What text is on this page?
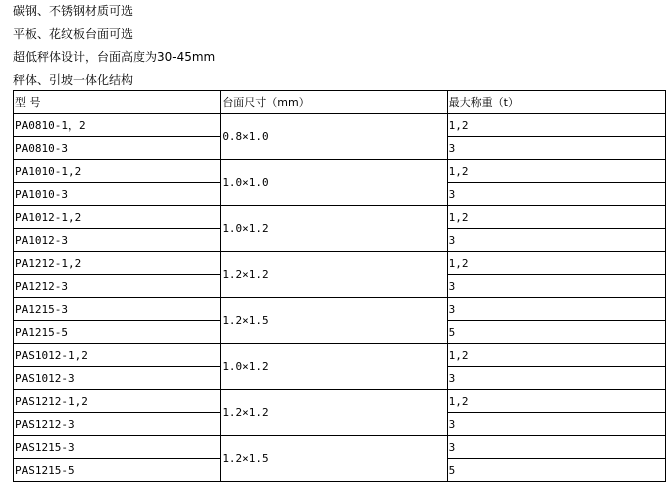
碳钢、不锈钢材质可选
平板、花纹板台面可选
超低秤体设计，台面高度为30-45mm
秤体、引坡一体化结构
型 号	台面尺寸（mm）	最大称重（t）
PA0810-1，2	0.8×1.0	1,2
PA0810-3		3
PA1010-1,2	1.0×1.0	1,2
PA1010-3		3
PA1012-1,2	1.0×1.2	1,2
PA1012-3		3
PA1212-1,2	1.2×1.2	1,2
PA1212-3		3
PA1215-3	1.2×1.5	3
PA1215-5		5
PAS1012-1,2	1.0×1.2	1,2
PAS1012-3		3
PAS1212-1,2	1.2×1.2	1,2
PAS1212-3		3
PAS1215-3	1.2×1.5	3
PAS1215-5		5
